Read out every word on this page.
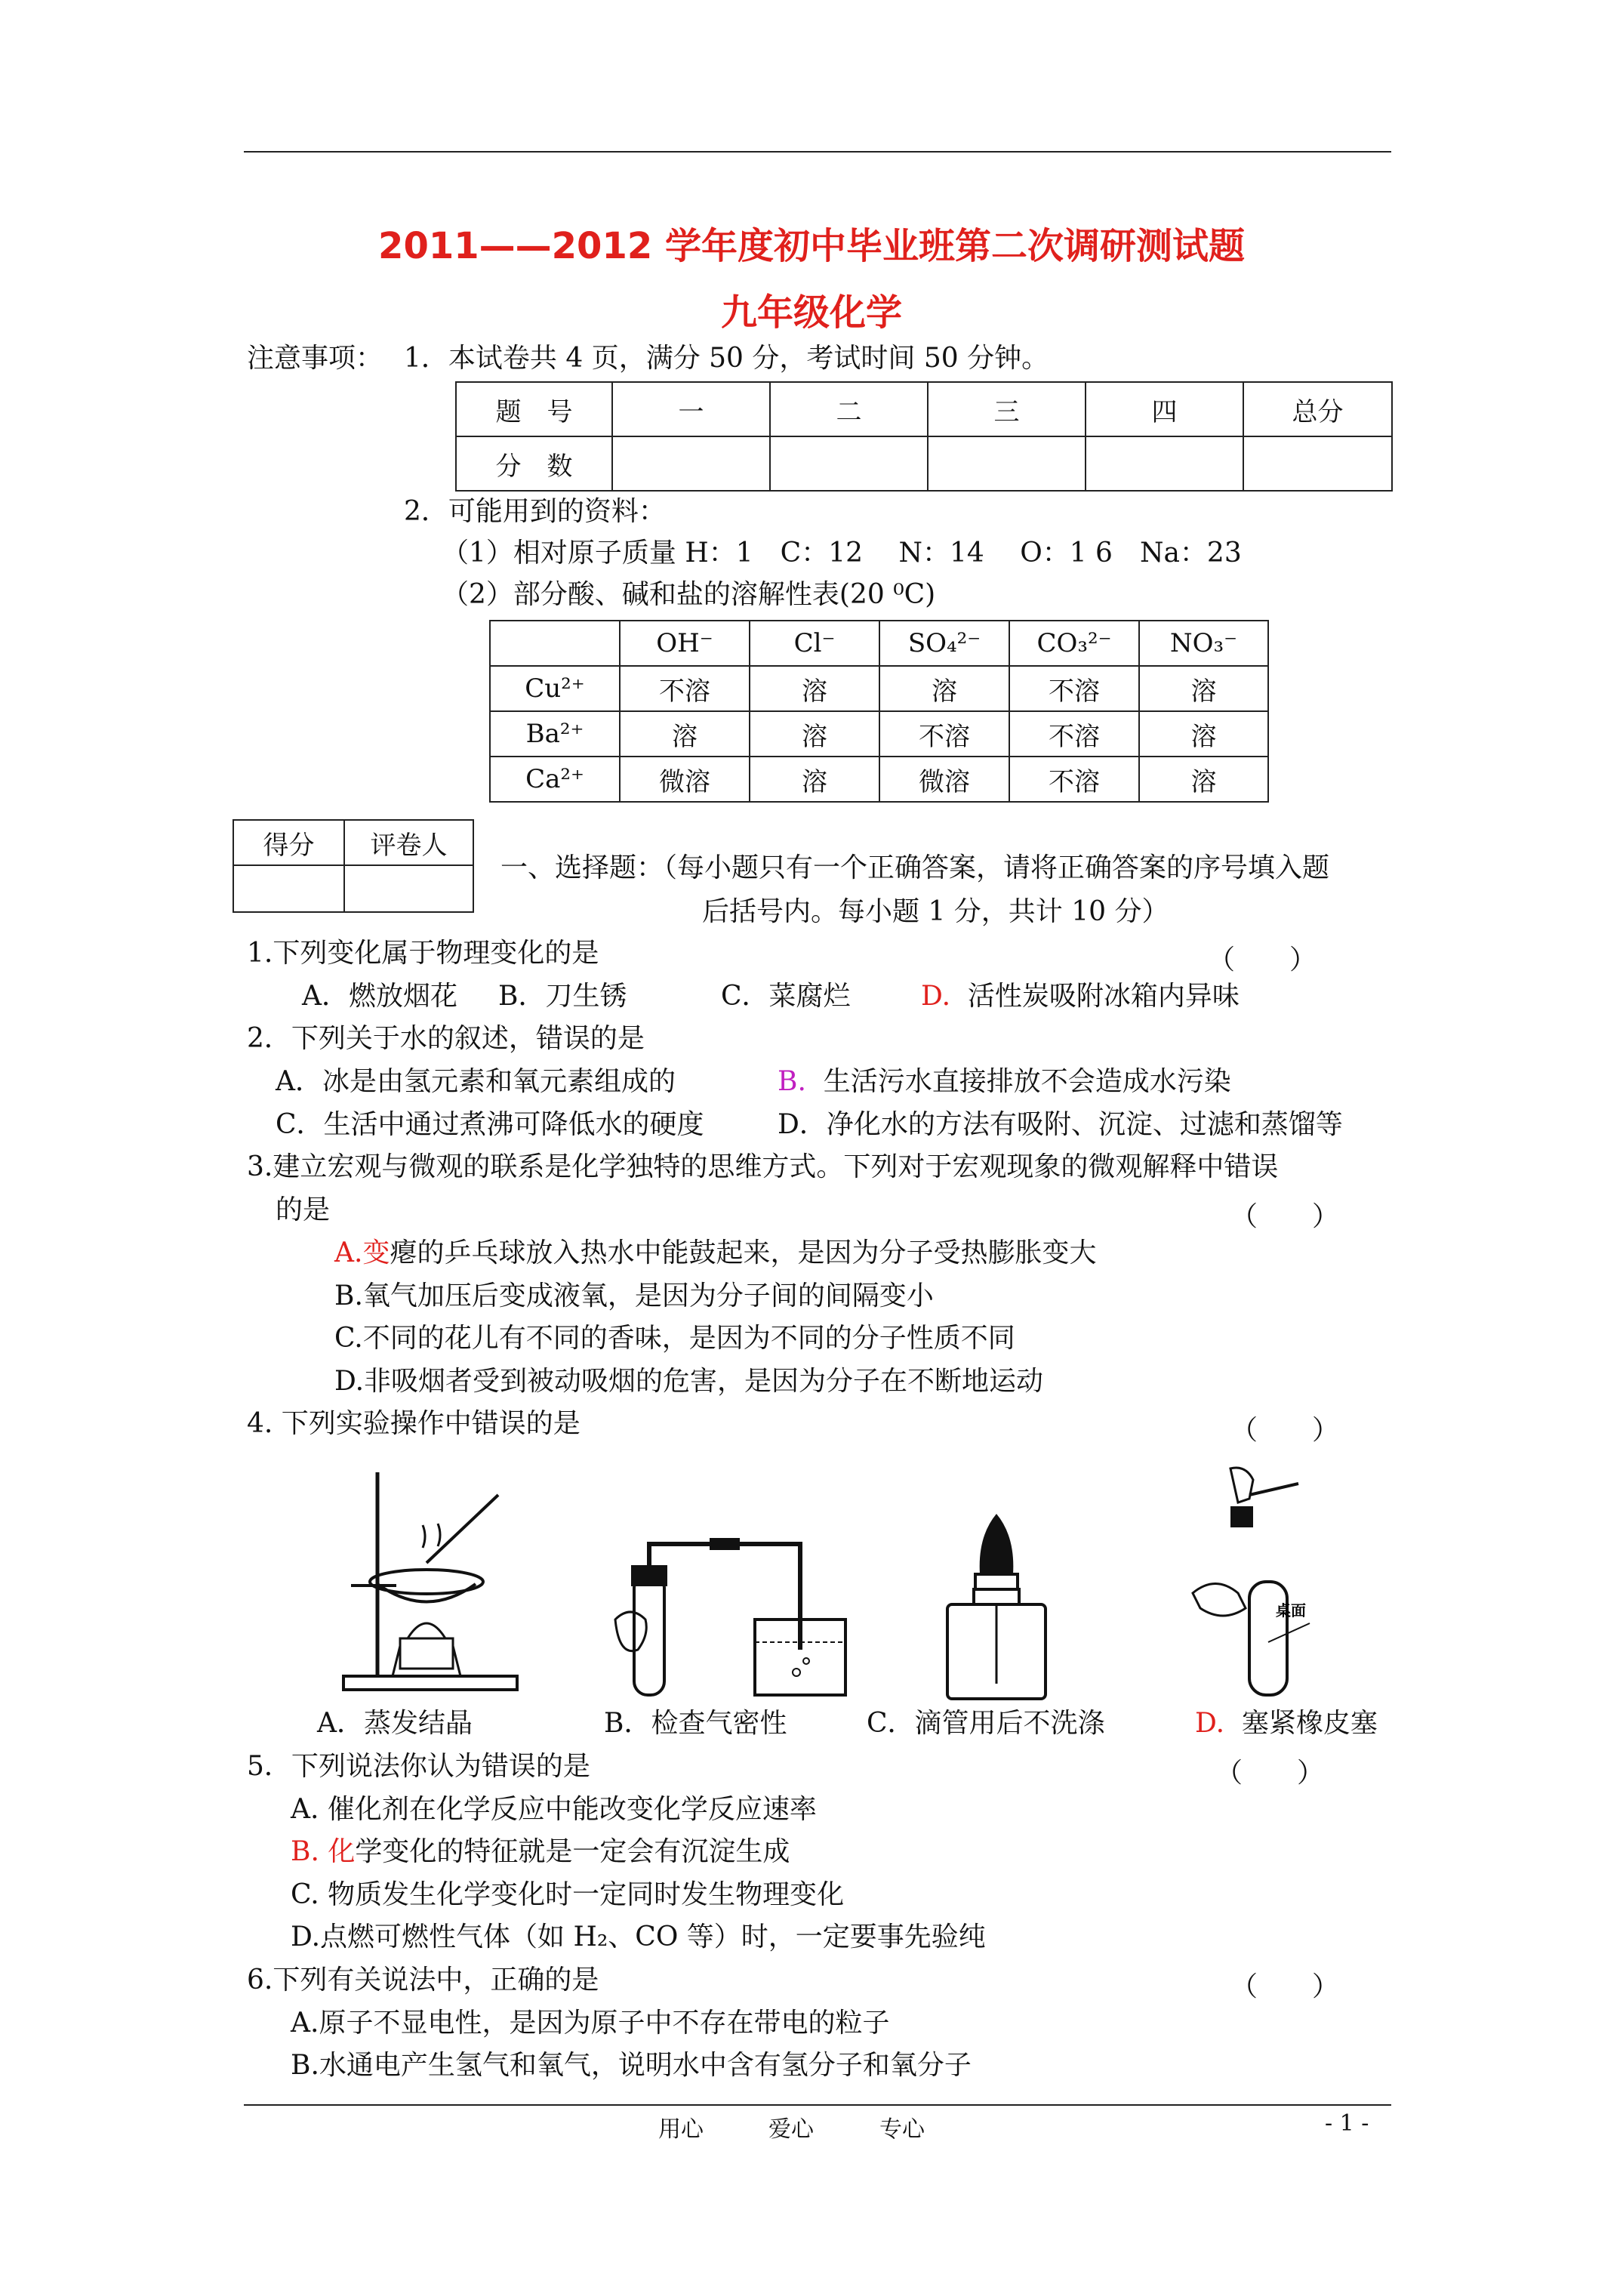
2011——2012 学年度初中毕业班第二次调研测试题
九年级化学
注意事项： 1．本试卷共 4 页，满分 50 分，考试时间 50 分钟。
题　号	一	二	三	四	总分
分　数					
2．可能用到的资料：
（1）相对原子质量 H：1　C：12　 N：14　 O：1 6　Na：23
（2）部分酸、碱和盐的溶解性表(20 ⁰C)
	OH⁻	Cl⁻	SO₄²⁻	CO₃²⁻	NO₃⁻
Cu²⁺	不溶	溶	溶	不溶	溶
Ba²⁺	溶	溶	不溶	不溶	溶
Ca²⁺	微溶	溶	微溶	不溶	溶
得分	评卷人

一、选择题：（每小题只有一个正确答案，请将正确答案的序号填入题
后括号内。每小题 1 分，共计 10 分）
1.下列变化属于物理变化的是	（　　）
A．燃放烟花 B．刀生锈	C．菜腐烂	D. 活性炭吸附冰箱内异味
2．下列关于水的叙述，错误的是
A．冰是由氢元素和氧元素组成的	B. 生活污水直接排放不会造成水污染
C．生活中通过煮沸可降低水的硬度	D．净化水的方法有吸附、沉淀、过滤和蒸馏等
3.建立宏观与微观的联系是化学独特的思维方式。下列对于宏观现象的微观解释中错误
的是	（　　）
A.变瘪的乒乓球放入热水中能鼓起来，是因为分子受热膨胀变大
B.氧气加压后变成液氧，是因为分子间的间隔变小
C.不同的花儿有不同的香味，是因为不同的分子性质不同
D.非吸烟者受到被动吸烟的危害，是因为分子在不断地运动
4. 下列实验操作中错误的是	（　　）
桌面
A．蒸发结晶	B．检查气密性	C．滴管用后不洗涤	D. 塞紧橡皮塞
5．下列说法你认为错误的是	（　　）
A. 催化剂在化学反应中能改变化学反应速率
B. 化学变化的特征就是一定会有沉淀生成
C. 物质发生化学变化时一定同时发生物理变化
D.点燃可燃性气体（如 H₂、CO 等）时，一定要事先验纯
6.下列有关说法中，正确的是	（　　）
A.原子不显电性，是因为原子中不存在带电的粒子
B.水通电产生氢气和氧气，说明水中含有氢分子和氧分子
用心	爱心	专心	- 1 -
